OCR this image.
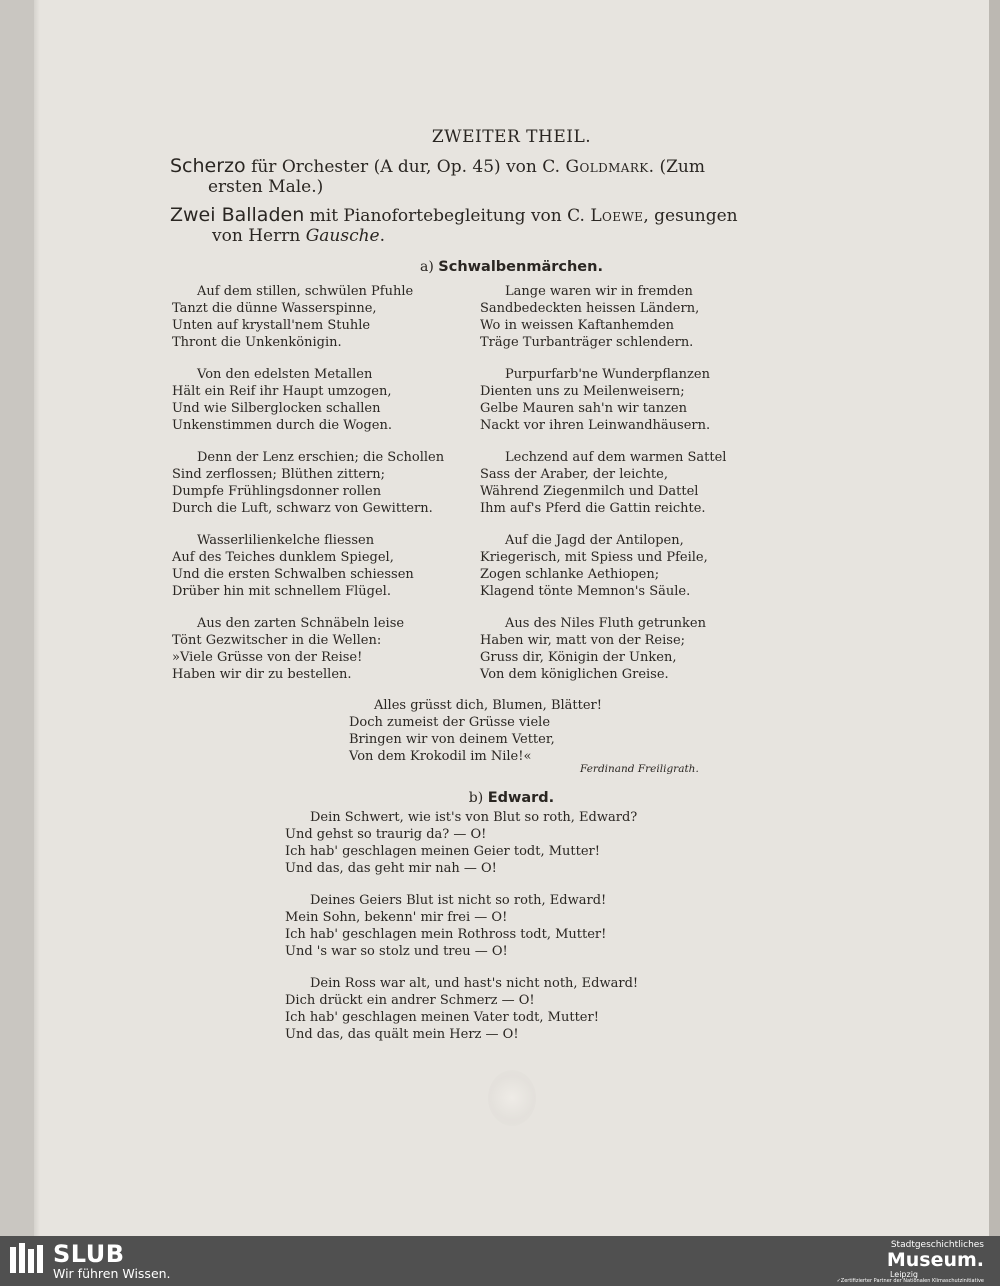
ZWEITER THEIL.
Scherzo für Orchester (A dur, Op. 45) von C. Goldmark. (Zum
ersten Male.)
Zwei Balladen mit Pianofortebegleitung von C. Loewe, gesungen
von Herrn Gausche.
a) Schwalbenmärchen.
Auf dem stillen, schwülen Pfuhle
Tanzt die dünne Wasserspinne,
Unten auf krystall'nem Stuhle
Thront die Unkenkönigin.
Von den edelsten Metallen
Hält ein Reif ihr Haupt umzogen,
Und wie Silberglocken schallen
Unkenstimmen durch die Wogen.
Denn der Lenz erschien; die Schollen
Sind zerflossen; Blüthen zittern;
Dumpfe Frühlingsdonner rollen
Durch die Luft, schwarz von Gewittern.
Wasserlilienkelche fliessen
Auf des Teiches dunklem Spiegel,
Und die ersten Schwalben schiessen
Drüber hin mit schnellem Flügel.
Aus den zarten Schnäbeln leise
Tönt Gezwitscher in die Wellen:
»Viele Grüsse von der Reise!
Haben wir dir zu bestellen.
Lange waren wir in fremden
Sandbedeckten heissen Ländern,
Wo in weissen Kaftanhemden
Träge Turbanträger schlendern.
Purpurfarb'ne Wunderpflanzen
Dienten uns zu Meilenweisern;
Gelbe Mauren sah'n wir tanzen
Nackt vor ihren Leinwandhäusern.
Lechzend auf dem warmen Sattel
Sass der Araber, der leichte,
Während Ziegenmilch und Dattel
Ihm auf's Pferd die Gattin reichte.
Auf die Jagd der Antilopen,
Kriegerisch, mit Spiess und Pfeile,
Zogen schlanke Aethiopen;
Klagend tönte Memnon's Säule.
Aus des Niles Fluth getrunken
Haben wir, matt von der Reise;
Gruss dir, Königin der Unken,
Von dem königlichen Greise.
Alles grüsst dich, Blumen, Blätter!
Doch zumeist der Grüsse viele
Bringen wir von deinem Vetter,
Von dem Krokodil im Nile!«
Ferdinand Freiligrath.
b) Edward.
Dein Schwert, wie ist's von Blut so roth, Edward?
Und gehst so traurig da? — O!
Ich hab' geschlagen meinen Geier todt, Mutter!
Und das, das geht mir nah — O!
Deines Geiers Blut ist nicht so roth, Edward!
Mein Sohn, bekenn' mir frei — O!
Ich hab' geschlagen mein Rothross todt, Mutter!
Und 's war so stolz und treu — O!
Dein Ross war alt, und hast's nicht noth, Edward!
Dich drückt ein andrer Schmerz — O!
Ich hab' geschlagen meinen Vater todt, Mutter!
Und das, das quält mein Herz — O!
SLUB
Wir führen Wissen.
Stadtgeschichtliches
Museum.
Leipzig
✓Zertifizierter Partner der Nationalen Klimaschutzinitiative
